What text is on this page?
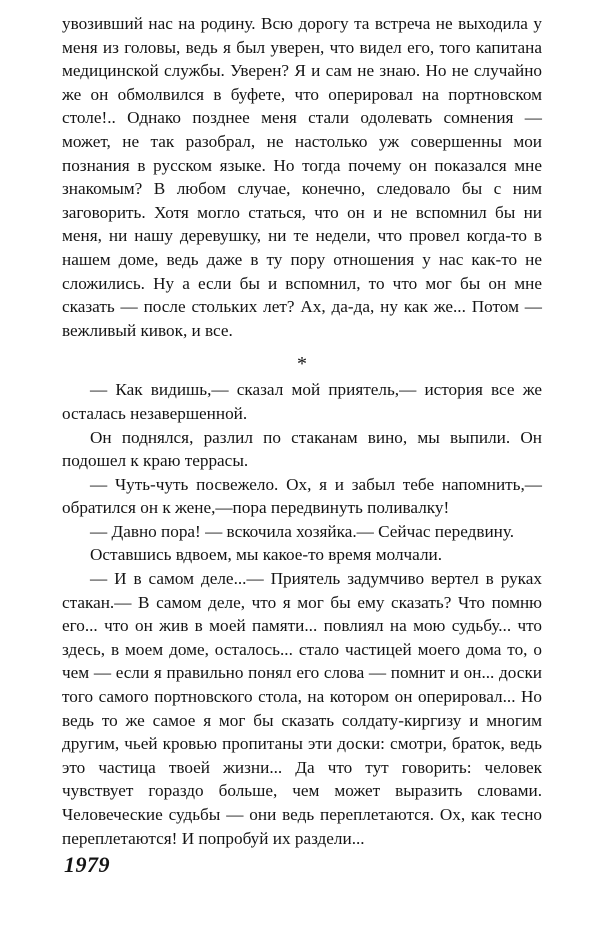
увозивший нас на родину. Всю дорогу та встреча не выходила у меня из головы, ведь я был уверен, что видел его, того капитана медицинской службы. Уверен? Я и сам не знаю. Но не случайно же он обмолвился в буфете, что оперировал на портновском столе!.. Однако позднее меня стали одолевать сомнения — может, не так разобрал, не настолько уж совершенны мои познания в русском языке. Но тогда почему он показался мне знакомым? В любом случае, конечно, следовало бы с ним заговорить. Хотя могло статься, что он и не вспомнил бы ни меня, ни нашу деревушку, ни те недели, что провел когда-то в нашем доме, ведь даже в ту пору отношения у нас как-то не сложились. Ну а если бы и вспомнил, то что мог бы он мне сказать — после стольких лет? Ах, да-да, ну как же... Потом — вежливый кивок, и все.

*

— Как видишь,— сказал мой приятель,— история все же осталась незавершенной.

Он поднялся, разлил по стаканам вино, мы выпили. Он подошел к краю террасы.

— Чуть-чуть посвежело. Ох, я и забыл тебе напомнить,— обратился он к жене,—пора передвинуть поливалку!

— Давно пора! — вскочила хозяйка.— Сейчас передвину.

Оставшись вдвоем, мы какое-то время молчали.

— И в самом деле...— Приятель задумчиво вертел в руках стакан.— В самом деле, что я мог бы ему сказать? Что помню его... что он жив в моей памяти... повлиял на мою судьбу... что здесь, в моем доме, осталось... стало частицей моего дома то, о чем — если я правильно понял его слова — помнит и он... доски того самого портновского стола, на котором он оперировал... Но ведь то же самое я мог бы сказать солдату-киргизу и многим другим, чьей кровью пропитаны эти доски: смотри, браток, ведь это частица твоей жизни... Да что тут говорить: человек чувствует гораздо больше, чем может выразить словами. Человеческие судьбы — они ведь переплетаются. Ох, как тесно переплетаются! И попробуй их раздели...

1979
